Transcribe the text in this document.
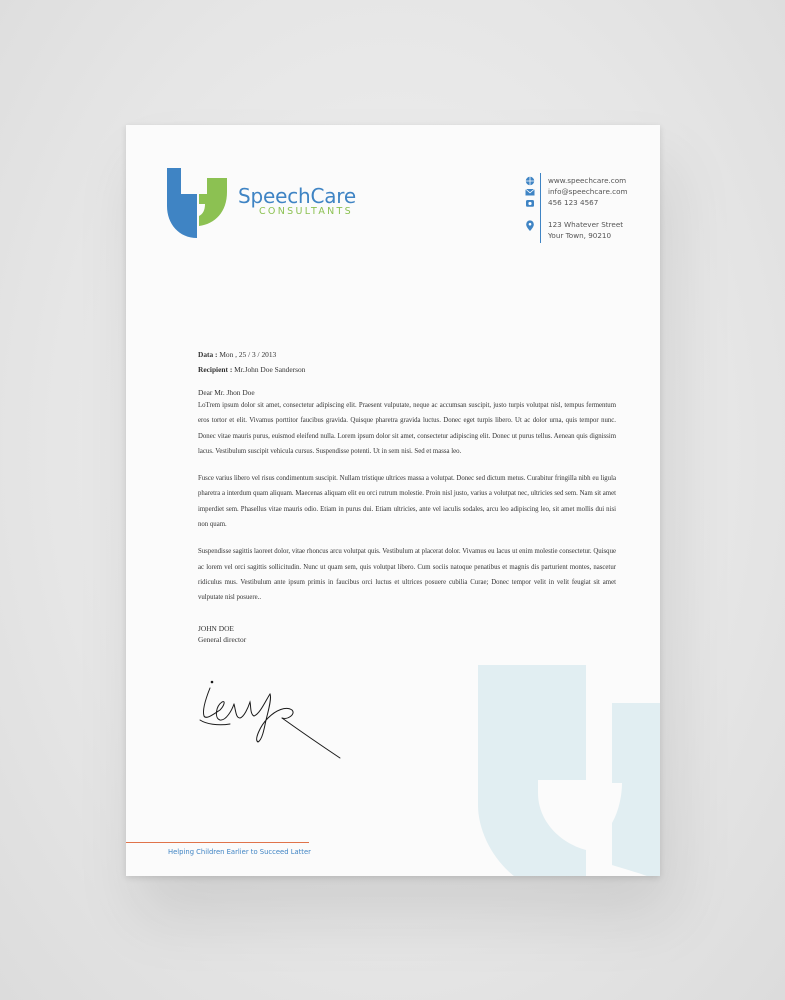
SpeechCare
CONSULTANTS
www.speechcare.com
info@speechcare.com
456 123 4567
123 Whatever Street
Your Town, 90210
Data : Mon , 25 / 3 / 2013
Recipient : Mr.John Doe Sanderson
Dear Mr. Jhon Doe

LoTrem ipsum dolor sit amet, consectetur adipiscing elit. Praesent vulputate, neque ac accumsan suscipit, justo turpis volutpat nisl, tempus fermentum eros tortor et elit. Vivamus porttitor faucibus gravida. Quisque pharetra gravida luctus. Donec eget turpis libero. Ut ac dolor urna, quis tempor nunc. Donec vitae mauris purus, euismod eleifend nulla. Lorem ipsum dolor sit amet, consectetur adipiscing elit. Donec ut purus tellus. Aenean quis dignissim lacus. Vestibulum suscipit vehicula cursus. Suspendisse potenti. Ut in sem nisi. Sed et massa leo.

Fusce varius libero vel risus condimentum suscipit. Nullam tristique ultrices massa a volutpat. Donec sed dictum metus. Curabitur fringilla nibh eu ligula pharetra a interdum quam aliquam. Maecenas aliquam elit eu orci rutrum molestie. Proin nisl justo, varius a volutpat nec, ultricies sed sem. Nam sit amet imperdiet sem. Phasellus vitae mauris odio. Etiam in purus dui. Etiam ultricies, ante vel iaculis sodales, arcu leo adipiscing leo, sit amet mollis dui nisi non quam.

Suspendisse sagittis laoreet dolor, vitae rhoncus arcu volutpat quis. Vestibulum at placerat dolor. Vivamus eu lacus ut enim molestie consectetur. Quisque ac lorem vel orci sagittis sollicitudin. Nunc ut quam sem, quis volutpat libero. Cum sociis natoque penatibus et magnis dis parturient montes, nascetur ridiculus mus. Vestibulum ante ipsum primis in faucibus orci luctus et ultrices posuere cubilia Curae; Donec tempor velit in velit feugiat sit amet vulputate nisl posuere..

JOHN DOE
General director
Helping Children Earlier to Succeed Latter
